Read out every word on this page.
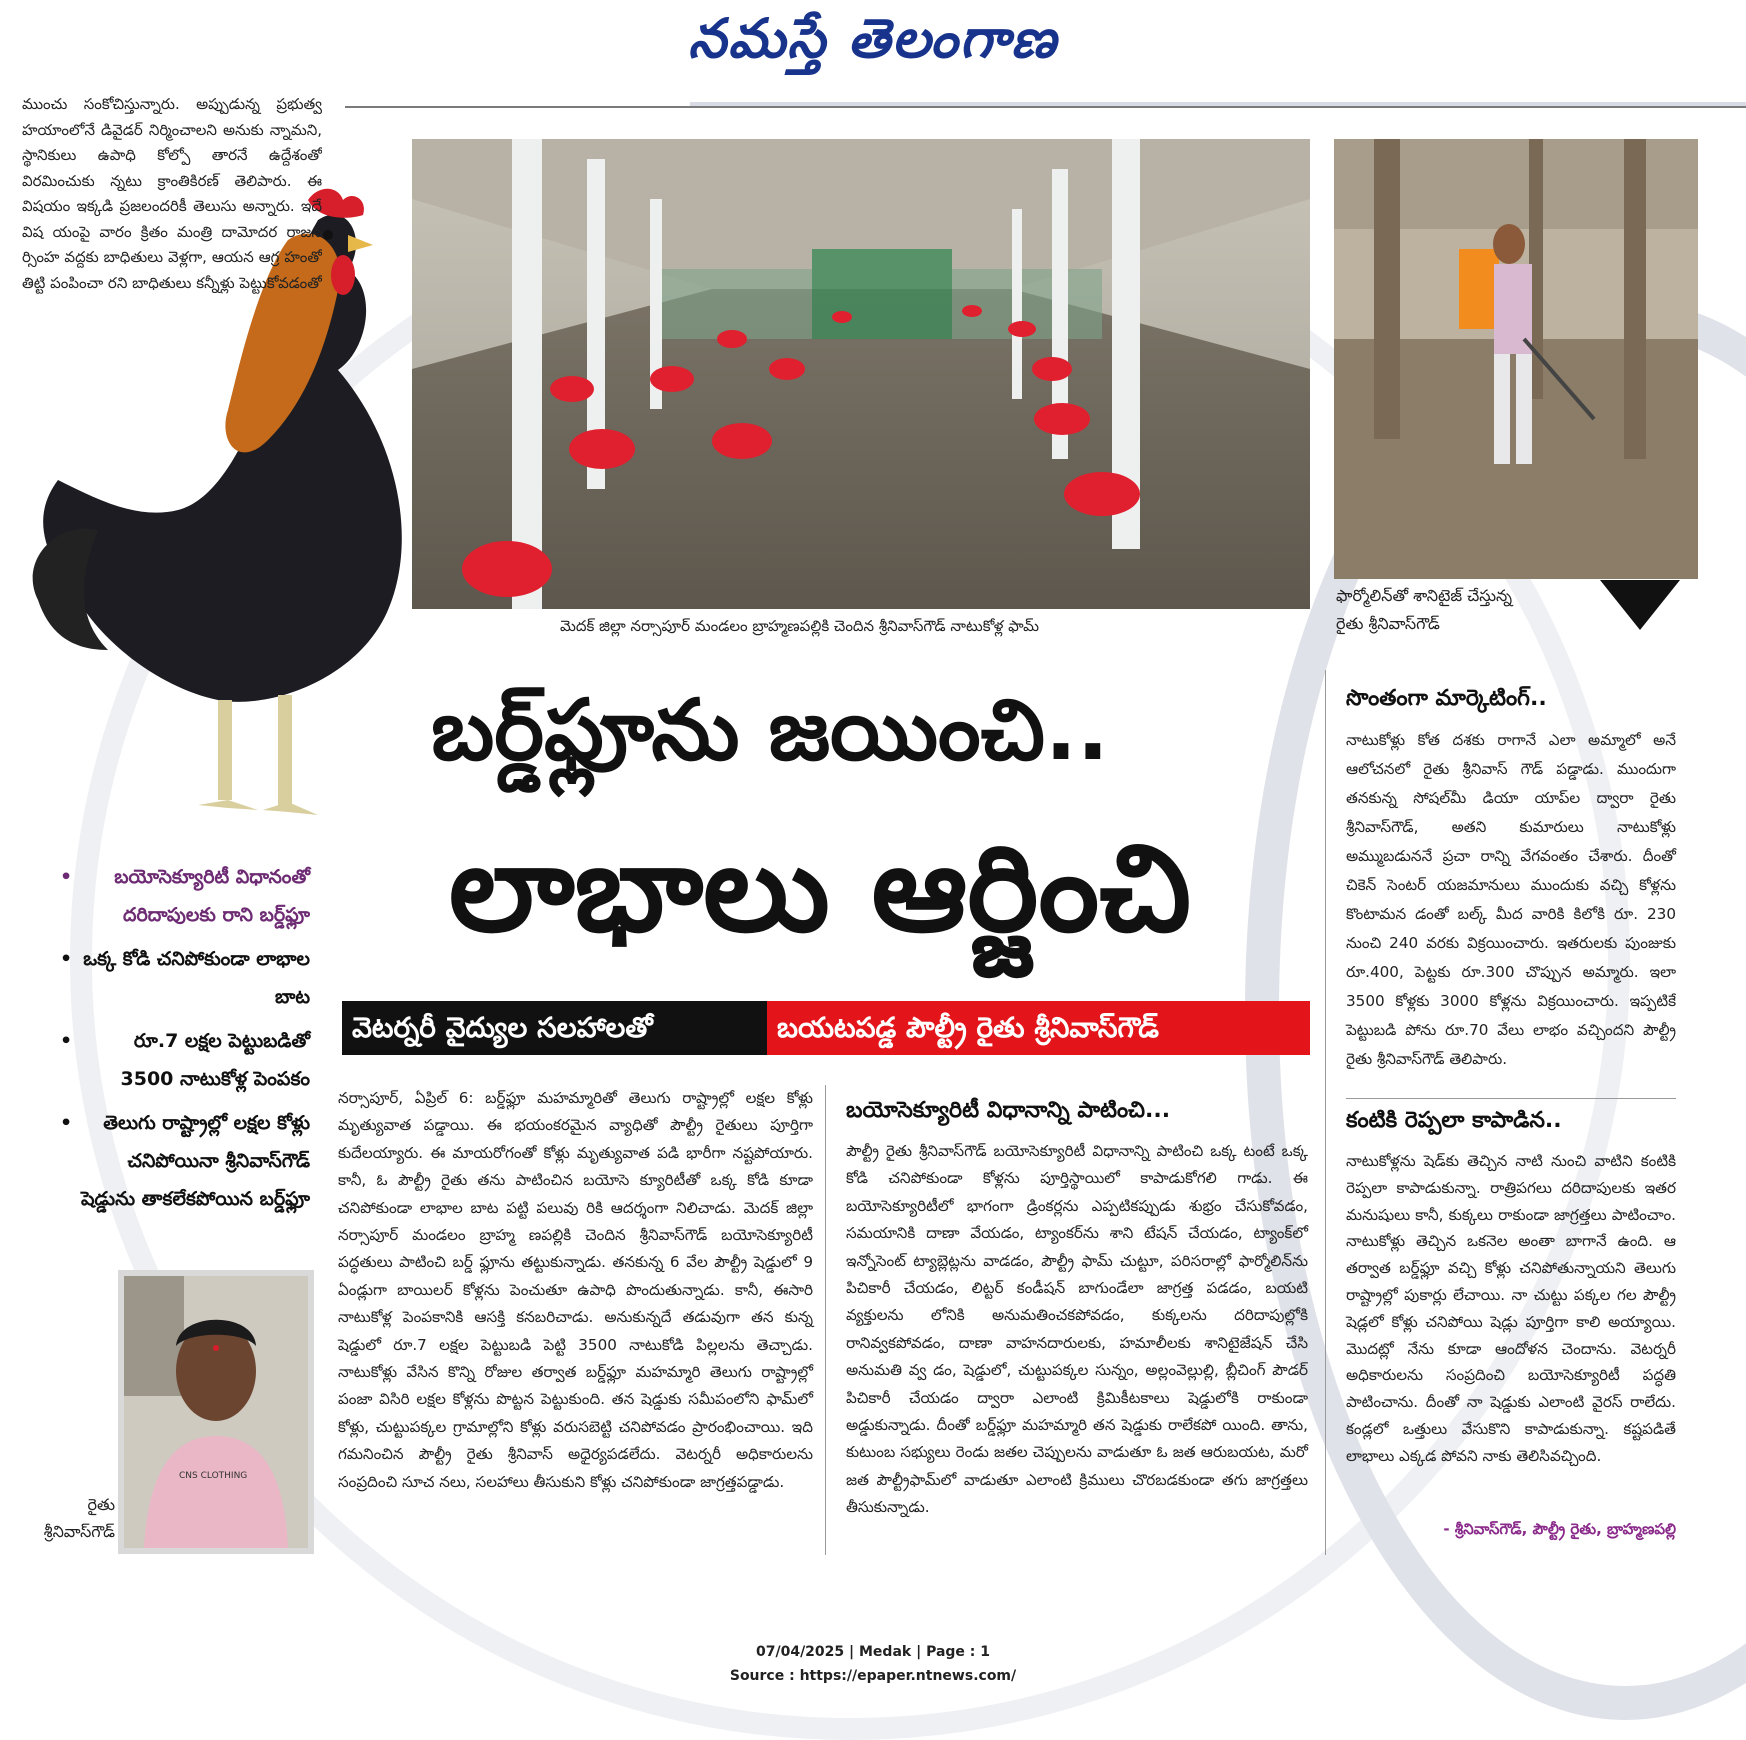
నమస్తే తెలంగాణ
ముంచు సంకోచిస్తున్నారు. అప్పుడున్న ప్రభుత్వ హయాంలోనే డివైడర్ నిర్మించాలని అనుకు న్నామని, స్థానికులు ఉపాధి కోల్పో తారనే ఉద్దేశంతో విరమించుకు న్నటు క్రాంతికిరణ్ తెలిపారు. ఈ విషయం ఇక్కడి ప్రజలందరికీ తెలుసు అన్నారు. ఇదే విష యంపై వారం క్రితం మంత్రి దామోదర రాజన ర్సింహ వద్దకు బాధితులు వెళ్లగా, ఆయన ఆగ్ర హంతో తిట్టి పంపించా రని బాధితులు కన్నీళ్లు పెట్టుకోవడంతో
మెదక్ జిల్లా నర్సాపూర్ మండలం బ్రాహ్మణపల్లికి చెందిన శ్రీనివాస్‌గౌడ్ నాటుకోళ్ల ఫామ్
ఫార్మోలిన్‌తో శానిటైజ్ చేస్తున్న
రైతు శ్రీనివాస్‌గౌడ్
బర్డ్‌ఫ్లూను జయించి..
లాభాలు ఆర్జించి
వెటర్నరీ వైద్యుల సలహాలతో	బయటపడ్డ పౌల్ట్రీ రైతు శ్రీనివాస్‌గౌడ్
•	బయోసెక్యూరిటీ విధానంతో దరిదాపులకు రాని బర్డ్‌ఫ్లూ
• ఒక్క కోడి చనిపోకుండా లాభాల బాట
•	రూ.7 లక్షల పెట్టుబడితో 3500 నాటుకోళ్ల పెంపకం
•	తెలుగు రాష్ట్రాల్లో లక్షల కోళ్లు చనిపోయినా శ్రీనివాస్‌గౌడ్ షెడ్డును తాకలేకపోయిన బర్డ్‌ఫ్లూ
CNS CLOTHING
రైతు
శ్రీనివాస్‌గౌడ్
నర్సాపూర్, ఏప్రిల్ 6: బర్డ్‌ఫ్లూ మహమ్మారితో తెలుగు రాష్ట్రాల్లో లక్షల కోళ్లు మృత్యువాత పడ్డాయి. ఈ భయంకరమైన వ్యాధితో పౌల్ట్రీ రైతులు పూర్తిగా కుదేలయ్యారు. ఈ మాయరోగంతో కోళ్లు మృత్యువాత పడి భారీగా నష్టపోయారు. కానీ, ఓ పౌల్ట్రీ రైతు తను పాటించిన బయోసె క్యూరిటీతో ఒక్క కోడి కూడా చనిపోకుండా లాభాల బాట పట్టి పలువు రికి ఆదర్శంగా నిలిచాడు. మెదక్ జిల్లా నర్సాపూర్ మండలం బ్రాహ్మ ణపల్లికి చెందిన శ్రీనివాస్‌గౌడ్ బయోసెక్యూరిటీ పద్ధతులు పాటించి బర్డ్ ఫ్లూను తట్టుకున్నాడు. తనకున్న 6 వేల పౌల్ట్రీ షెడ్డులో 9 ఏండ్లుగా బాయిలర్ కోళ్లను పెంచుతూ ఉపాధి పొందుతున్నాడు. కానీ, ఈసారి నాటుకోళ్ల పెంపకానికి ఆసక్తి కనబరిచాడు. అనుకున్నదే తడువుగా తన కున్న షెడ్డులో రూ.7 లక్షల పెట్టుబడి పెట్టి 3500 నాటుకోడి పిల్లలను తెచ్చాడు. నాటుకోళ్లు వేసిన కొన్ని రోజుల తర్వాత బర్డ్‌ఫ్లూ మహమ్మారి తెలుగు రాష్ట్రాల్లో పంజా విసిరి లక్షల కోళ్లను పొట్టన పెట్టుకుంది. తన షెడ్డుకు సమీపంలోని ఫామ్‌లో కోళ్లు, చుట్టుపక్కల గ్రామాల్లోని కోళ్లు వరుసబెట్టి చనిపోవడం ప్రారంభించాయి. ఇది గమనించిన పౌల్ట్రీ రైతు శ్రీనివాస్ అధైర్యపడలేదు. వెటర్నరీ అధికారులను సంప్రదించి సూచ నలు, సలహాలు తీసుకుని కోళ్లు చనిపోకుండా జాగ్రత్తపడ్డాడు.
బయోసెక్యూరిటీ విధానాన్ని పాటించి...
పౌల్ట్రీ రైతు శ్రీనివాస్‌గౌడ్ బయోసెక్యూరిటీ విధానాన్ని పాటించి ఒక్క టంటే ఒక్క కోడి చనిపోకుండా కోళ్లను పూర్తిస్థాయిలో కాపాడుకోగలి గాడు. ఈ బయోసెక్యూరిటీలో భాగంగా డ్రింకర్లను ఎప్పటికప్పుడు శుభ్రం చేసుకోవడం, సమయానికి దాణా వేయడం, ట్యాంకర్‌ను శాని టేషన్ చేయడం, ట్యాంక్‌లో ఇన్నోసెంట్ ట్యాబ్లెట్లను వాడడం, పౌల్ట్రీ ఫామ్ చుట్టూ, పరిసరాల్లో ఫార్మోలిన్‌ను పిచికారీ చేయడం, లిట్టర్ కండీషన్ బాగుండేలా జాగ్రత్త పడడం, బయటి వ్యక్తులను లోనికి అనుమతించకపోవడం, కుక్కలను దరిదాపుల్లోకి రానివ్వకపోవడం, దాణా వాహనదారులకు, హమాలీలకు శానిటైజేషన్ చేసి అనుమతి వ్వ డం, షెడ్డులో, చుట్టుపక్కల సున్నం, అల్లంవెల్లుల్లి, బ్లీచింగ్ పౌడర్ పిచికారీ చేయడం ద్వారా ఎలాంటి క్రిమికీటకాలు షెడ్డులోకి రాకుండా అడ్డుకున్నాడు. దీంతో బర్డ్‌ఫ్లూ మహమ్మారి తన షెడ్డుకు రాలేకపో యింది. తాను, కుటుంబ సభ్యులు రెండు జతల చెప్పులను వాడుతూ ఓ జత ఆరుబయట, మరో జత పౌల్ట్రీఫామ్‌లో వాడుతూ ఎలాంటి క్రిములు చొరబడకుండా తగు జాగ్రత్తలు తీసుకున్నాడు.
సొంతంగా మార్కెటింగ్..
నాటుకోళ్లు కోత దశకు రాగానే ఎలా అమ్మాలో అనే ఆలోచనలో రైతు శ్రీనివాస్ గౌడ్ పడ్డాడు. ముందుగా తనకున్న సోషల్‌మీ డియా యాప్‌ల ద్వారా రైతు శ్రీనివాస్‌గౌడ్, అతని కుమారులు నాటుకోళ్లు అమ్ముబడుననే ప్రచా రాన్ని వేగవంతం చేశారు. దీంతో చికెన్ సెంటర్ యజమానులు ముందుకు వచ్చి కోళ్లను కొంటామన డంతో బల్క్ మీద వారికి కిలోకి రూ. 230 నుంచి 240 వరకు విక్రయించారు. ఇతరులకు పుంజుకు రూ.400, పెట్టకు రూ.300 చొప్పున అమ్మారు. ఇలా 3500 కోళ్లకు 3000 కోళ్లను విక్రయించారు. ఇప్పటికే పెట్టుబడి పోను రూ.70 వేలు లాభం వచ్చిందని పౌల్ట్రీ రైతు శ్రీనివాస్‌గౌడ్ తెలిపారు.
కంటికి రెప్పలా కాపాడిన..
నాటుకోళ్లను షెడ్‌కు తెచ్చిన నాటి నుంచి వాటిని కంటికి రెప్పలా కాపాడుకున్నా. రాత్రిపగలు దరిదాపులకు ఇతర మనుషులు కానీ, కుక్కలు రాకుండా జాగ్రత్తలు పాటించాం. నాటుకోళ్లు తెచ్చిన ఒకనెల అంతా బాగానే ఉంది. ఆ తర్వాత బర్డ్‌ఫ్లూ వచ్చి కోళ్లు చనిపోతున్నాయని తెలుగు రాష్ట్రాల్లో పుకార్లు లేచాయి. నా చుట్టు పక్కల గల పౌల్ట్రీ షెడ్లలో కోళ్లు చనిపోయి షెడ్లు పూర్తిగా కాలి అయ్యాయి. మొదట్లో నేను కూడా ఆందోళన చెందాను. వెటర్నరీ అధికారులను సంప్రదించి బయోసెక్యూరిటీ పద్ధతి పాటించాను. దీంతో నా షెడ్డుకు ఎలాంటి వైరస్ రాలేదు. కండ్లలో ఒత్తులు వేసుకొని కాపాడుకున్నా. కష్టపడితే లాభాలు ఎక్కడ పోవని నాకు తెలిసివచ్చింది.
- శ్రీనివాస్‌గౌడ్, పౌల్ట్రీ రైతు, బ్రాహ్మణపల్లి
07/04/2025 | Medak | Page : 1
Source : https://epaper.ntnews.com/
